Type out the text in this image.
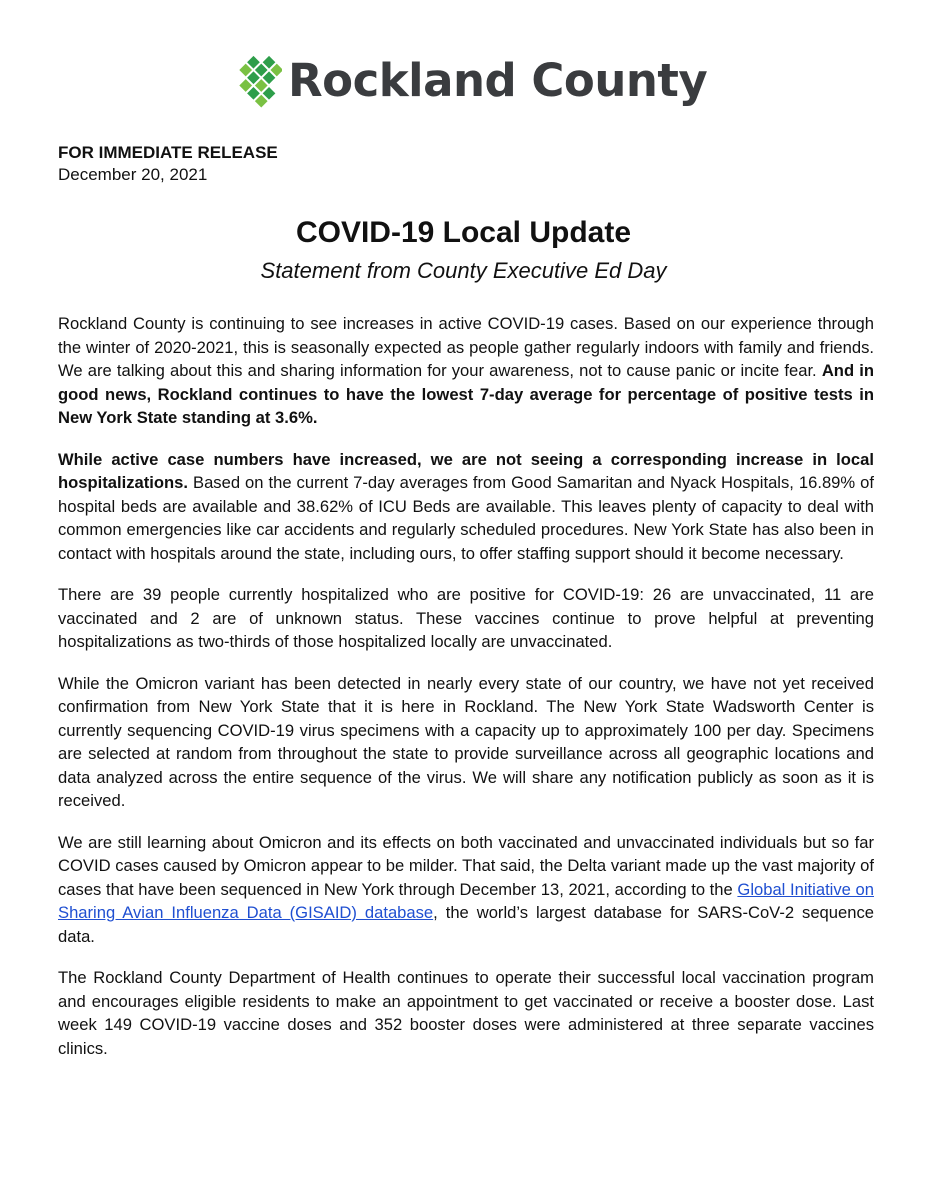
Rockland County
FOR IMMEDIATE RELEASE
December 20, 2021
COVID-19 Local Update
Statement from County Executive Ed Day

Rockland County is continuing to see increases in active COVID-19 cases. Based on our experience through the winter of 2020-2021, this is seasonally expected as people gather regularly indoors with family and friends. We are talking about this and sharing information for your awareness, not to cause panic or incite fear. And in good news, Rockland continues to have the lowest 7-day average for percentage of positive tests in New York State standing at 3.6%.

While active case numbers have increased, we are not seeing a corresponding increase in local hospitalizations. Based on the current 7-day averages from Good Samaritan and Nyack Hospitals, 16.89% of hospital beds are available and 38.62% of ICU Beds are available. This leaves plenty of capacity to deal with common emergencies like car accidents and regularly scheduled procedures. New York State has also been in contact with hospitals around the state, including ours, to offer staffing support should it become necessary.

There are 39 people currently hospitalized who are positive for COVID-19: 26 are unvaccinated, 11 are vaccinated and 2 are of unknown status. These vaccines continue to prove helpful at preventing hospitalizations as two-thirds of those hospitalized locally are unvaccinated.

While the Omicron variant has been detected in nearly every state of our country, we have not yet received confirmation from New York State that it is here in Rockland. The New York State Wadsworth Center is currently sequencing COVID-19 virus specimens with a capacity up to approximately 100 per day. Specimens are selected at random from throughout the state to provide surveillance across all geographic locations and data analyzed across the entire sequence of the virus. We will share any notification publicly as soon as it is received.

We are still learning about Omicron and its effects on both vaccinated and unvaccinated individuals but so far COVID cases caused by Omicron appear to be milder. That said, the Delta variant made up the vast majority of cases that have been sequenced in New York through December 13, 2021, according to the Global Initiative on Sharing Avian Influenza Data (GISAID) database, the world’s largest database for SARS-CoV-2 sequence data.

The Rockland County Department of Health continues to operate their successful local vaccination program and encourages eligible residents to make an appointment to get vaccinated or receive a booster dose. Last week 149 COVID-19 vaccine doses and 352 booster doses were administered at three separate vaccines clinics.
